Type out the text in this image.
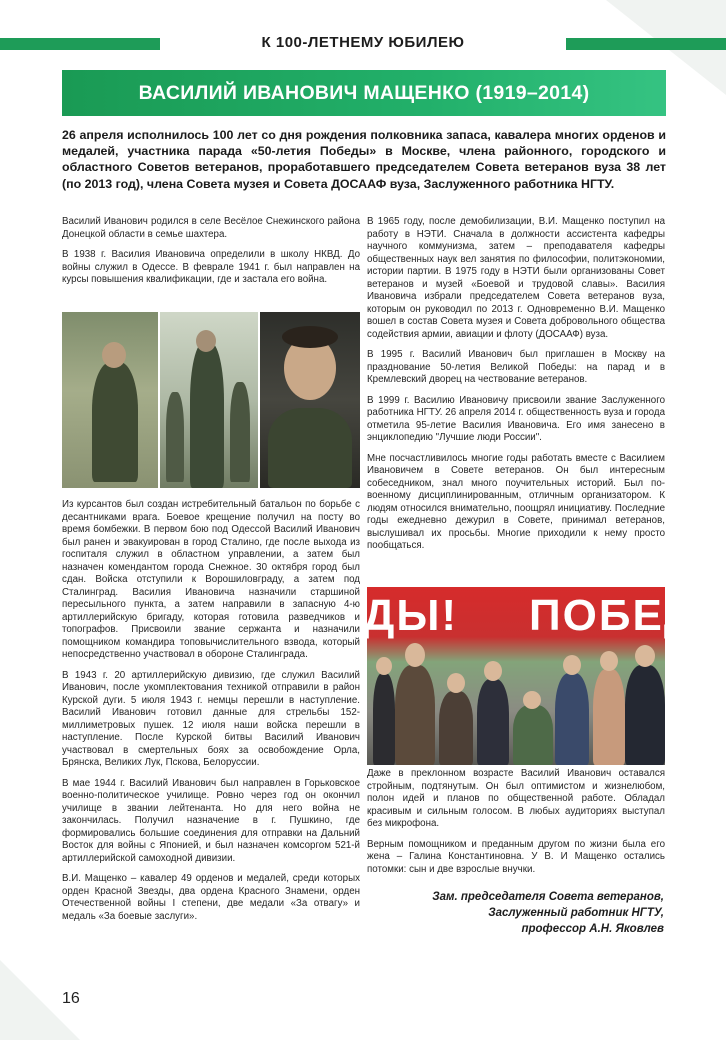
К 100-ЛЕТНЕМУ ЮБИЛЕЮ
ВАСИЛИЙ ИВАНОВИЧ МАЩЕНКО (1919–2014)
26 апреля исполнилось 100 лет со дня рождения полковника запаса, кавалера многих орденов и медалей, участника парада «50-летия Победы» в Москве, члена районного, городского и областного Советов ветеранов, проработавшего председателем Совета ветеранов вуза 38 лет (по 2013 год), члена Совета музея и Совета ДОСААФ вуза, Заслуженного работника НГТУ.

Василий Иванович родился в селе Весёлое Снежинского района Донецкой области в семье шахтера.

В 1938 г. Василия Ивановича определили в школу НКВД. До войны служил в Одессе. В феврале 1941 г. был направлен на курсы повышения квалификации, где и застала его война.

Из курсантов был создан истребительный батальон по борьбе с десантниками врага. Боевое крещение получил на посту во время бомбежки. В первом бою под Одессой Василий Иванович был ранен и эвакуирован в город Сталино, где после выхода из госпиталя служил в областном управлении, а затем был назначен комендантом города Снежное. 30 октября город был сдан. Войска отступили к Ворошиловграду, а затем под Сталинград. Василия Ивановича назначили старшиной пересыльного пункта, а затем направили в запасную 4-ю артиллерийскую бригаду, которая готовила разведчиков и топографов. Присвоили звание сержанта и назначили помощником командира топовычислительного взвода, который непосредственно участвовал в обороне Сталинграда.

В 1943 г. 20 артиллерийскую дивизию, где служил Василий Иванович, после укомплектования техникой отправили в район Курской дуги. 5 июля 1943 г. немцы перешли в наступление. Василий Иванович готовил данные для стрельбы 152-миллиметровых пушек. 12 июля наши войска перешли в наступление. После Курской битвы Василий Иванович участвовал в смертельных боях за освобождение Орла, Брянска, Великих Лук, Пскова, Белоруссии.

В мае 1944 г. Василий Иванович был направлен в Горьковское военно-политическое училище. Ровно через год он окончил училище в звании лейтенанта. Но для него война не закончилась. Получил назначение в г. Пушкино, где формировались большие соединения для отправки на Дальний Восток для войны с Японией, и был назначен комсоргом 521-й артиллерийской самоходной дивизии.

В.И. Мащенко – кавалер 49 орденов и медалей, среди которых орден Красной Звезды, два ордена Красного Знамени, орден Отечественной войны I степени, две медали «За отвагу» и медаль «За боевые заслуги».

В 1965 году, после демобилизации, В.И. Мащенко поступил на работу в НЭТИ. Сначала в должности ассистента кафедры научного коммунизма, затем – преподавателя кафедры общественных наук вел занятия по философии, политэкономии, истории партии. В 1975 году в НЭТИ были организованы Совет ветеранов и музей «Боевой и трудовой славы». Василия Ивановича избрали председателем Совета ветеранов вуза, которым он руководил по 2013 г. Одновременно В.И. Мащенко вошел в состав Совета музея и Совета добровольного общества содействия армии, авиации и флоту (ДОСААФ) вуза.

В 1995 г. Василий Иванович был приглашен в Москву на празднование 50-летия Великой Победы: на парад и в Кремлевский дворец на чествование ветеранов.

В 1999 г. Василию Ивановичу присвоили звание Заслуженного работника НГТУ. 26 апреля 2014 г. общественность вуза и города отметила 95-летие Василия Ивановича. Его имя занесено в энциклопедию "Лучшие люди России".

Мне посчастливилось многие годы работать вместе с Василием Ивановичем в Совете ветеранов. Он был интересным собеседником, знал много поучительных историй. Был по-военному дисциплинированным, отличным организатором. К людям относился внимательно, поощрял инициативу. Последние годы ежедневно дежурил в Совете, принимал ветеранов, выслушивал их просьбы. Многие приходили к нему просто пообщаться.

ДЫ! ПОБЕД

Даже в преклонном возрасте Василий Иванович оставался стройным, подтянутым. Он был оптимистом и жизнелюбом, полон идей и планов по общественной работе. Обладал красивым и сильным голосом. В любых аудиториях выступал без микрофона.

Верным помощником и преданным другом по жизни была его жена – Галина Константиновна. У В. И Мащенко остались потомки: сын и две взрослые внучки.

Зам. председателя Совета ветеранов,
Заслуженный работник НГТУ,
профессор А.Н. Яковлев
16
